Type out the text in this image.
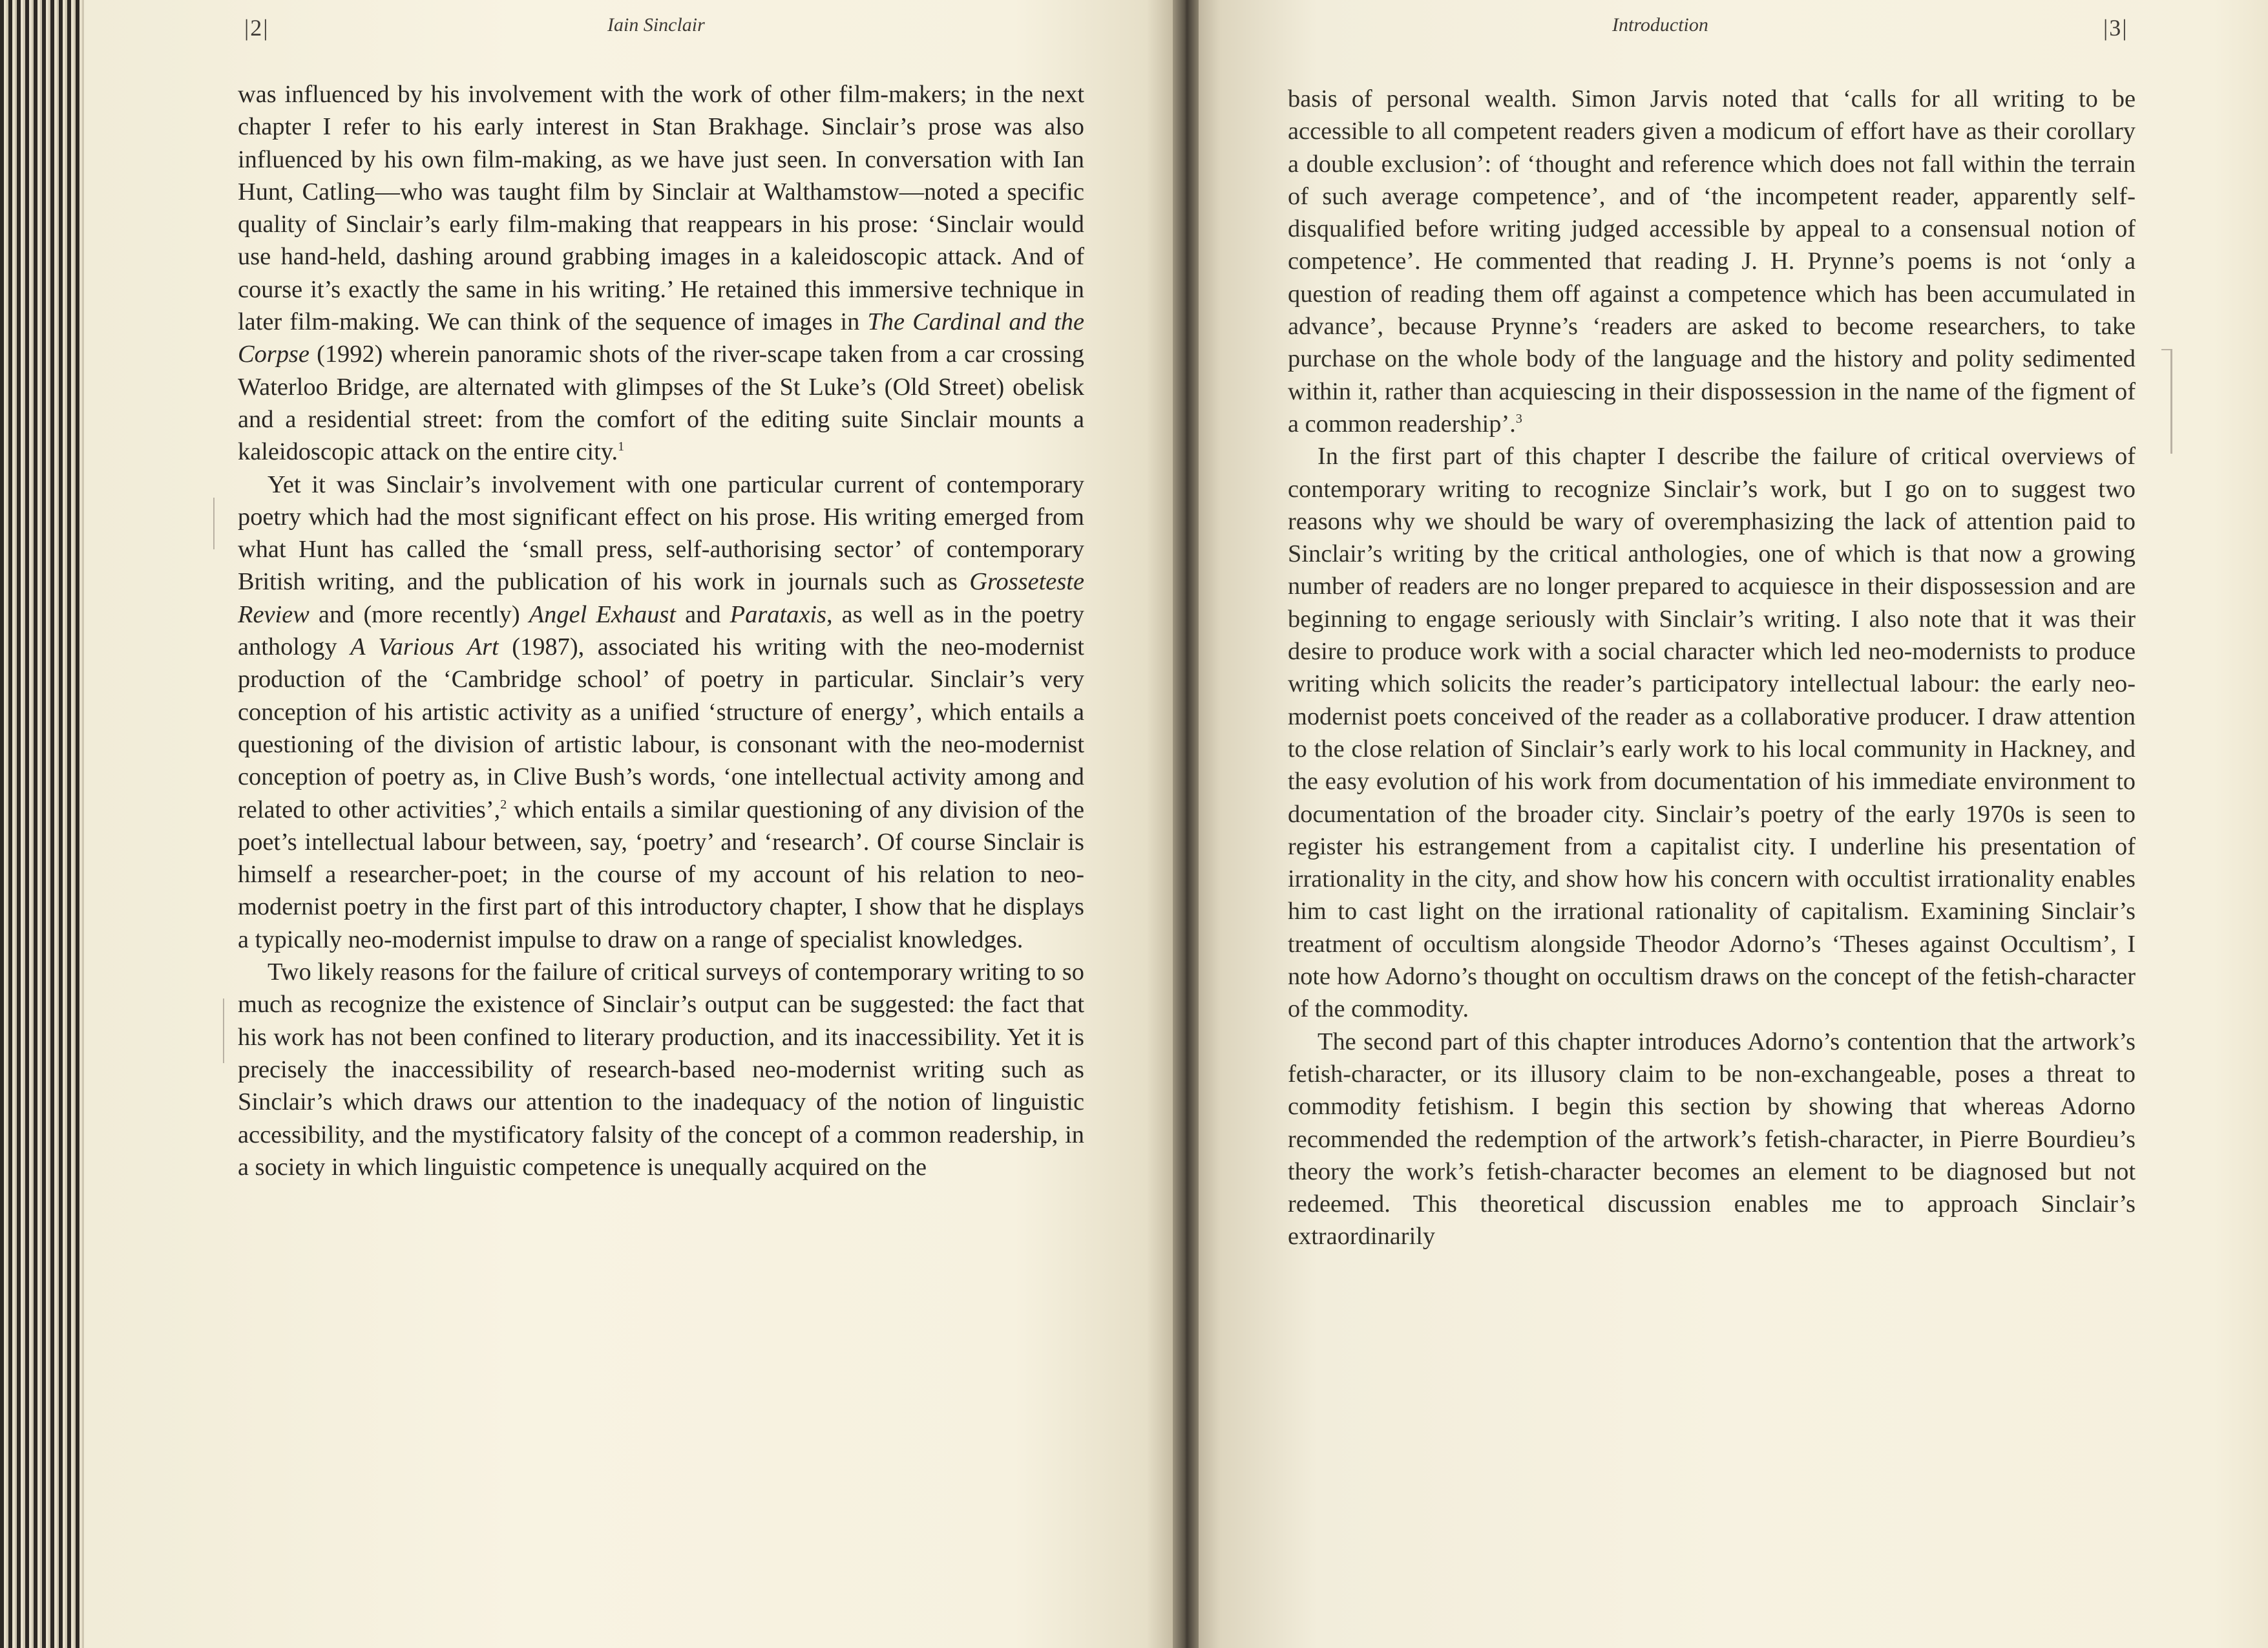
|2|	Iain Sinclair	Introduction	|3|

was influenced by his involvement with the work of other film-makers; in the next chapter I refer to his early interest in Stan Brakhage. Sinclair’s prose was also influenced by his own film-making, as we have just seen. In conversation with Ian Hunt, Catling—who was taught film by Sinclair at Walthamstow—noted a specific quality of Sinclair’s early film-making that reappears in his prose: ‘Sinclair would use hand-held, dashing around grabbing images in a kaleidoscopic attack. And of course it’s exactly the same in his writing.’ He retained this immersive technique in later film-making. We can think of the sequence of images in The Cardinal and the Corpse (1992) wherein panoramic shots of the river-scape taken from a car crossing Waterloo Bridge, are alternated with glimpses of the St Luke’s (Old Street) obelisk and a residential street: from the comfort of the editing suite Sinclair mounts a kaleidoscopic attack on the entire city.$^1$

Yet it was Sinclair’s involvement with one particular current of contemporary poetry which had the most significant effect on his prose. His writing emerged from what Hunt has called the ‘small press, self-authorising sector’ of contemporary British writing, and the publication of his work in journals such as Grosseteste Review and (more recently) Angel Exhaust and Parataxis, as well as in the poetry anthology A Various Art (1987), associated his writing with the neo-modernist production of the ‘Cambridge school’ of poetry in particular. Sinclair’s very conception of his artistic activity as a unified ‘structure of energy’, which entails a questioning of the division of artistic labour, is consonant with the neo-modernist conception of poetry as, in Clive Bush’s words, ‘one intellectual activity among and related to other activities’,$^2$ which entails a similar questioning of any division of the poet’s intellectual labour between, say, ‘poetry’ and ‘research’. Of course Sinclair is himself a researcher-poet; in the course of my account of his relation to neo-modernist poetry in the first part of this introductory chapter, I show that he displays a typically neo-modernist impulse to draw on a range of specialist knowledges.

Two likely reasons for the failure of critical surveys of contemporary writing to so much as recognize the existence of Sinclair’s output can be suggested: the fact that his work has not been confined to literary production, and its inaccessibility. Yet it is precisely the inaccessibility of research-based neo-modernist writing such as Sinclair’s which draws our attention to the inadequacy of the notion of linguistic accessibility, and the mystificatory falsity of the concept of a common readership, in a society in which linguistic competence is unequally acquired on the

basis of personal wealth. Simon Jarvis noted that ‘calls for all writing to be accessible to all competent readers given a modicum of effort have as their corollary a double exclusion’: of ‘thought and reference which does not fall within the terrain of such average competence’, and of ‘the incompetent reader, apparently self-disqualified before writing judged accessible by appeal to a consensual notion of competence’. He commented that reading J. H. Prynne’s poems is not ‘only a question of reading them off against a competence which has been accumulated in advance’, because Prynne’s ‘readers are asked to become researchers, to take purchase on the whole body of the language and the history and polity sedimented within it, rather than acquiescing in their dispossession in the name of the figment of a common readership’.$^3$

In the first part of this chapter I describe the failure of critical overviews of contemporary writing to recognize Sinclair’s work, but I go on to suggest two reasons why we should be wary of overemphasizing the lack of attention paid to Sinclair’s writing by the critical anthologies, one of which is that now a growing number of readers are no longer prepared to acquiesce in their dispossession and are beginning to engage seriously with Sinclair’s writing. I also note that it was their desire to produce work with a social character which led neo-modernists to produce writing which solicits the reader’s participatory intellectual labour: the early neo-modernist poets conceived of the reader as a collaborative producer. I draw attention to the close relation of Sinclair’s early work to his local community in Hackney, and the easy evolution of his work from documentation of his immediate environment to documentation of the broader city. Sinclair’s poetry of the early 1970s is seen to register his estrangement from a capitalist city. I underline his presentation of irrationality in the city, and show how his concern with occultist irrationality enables him to cast light on the irrational rationality of capitalism. Examining Sinclair’s treatment of occultism alongside Theodor Adorno’s ‘Theses against Occultism’, I note how Adorno’s thought on occultism draws on the concept of the fetish-character of the commodity.

The second part of this chapter introduces Adorno’s contention that the artwork’s fetish-character, or its illusory claim to be non-exchangeable, poses a threat to commodity fetishism. I begin this section by showing that whereas Adorno recommended the redemption of the artwork’s fetish-character, in Pierre Bourdieu’s theory the work’s fetish-character becomes an element to be diagnosed but not redeemed. This theoretical discussion enables me to approach Sinclair’s extraordinarily
